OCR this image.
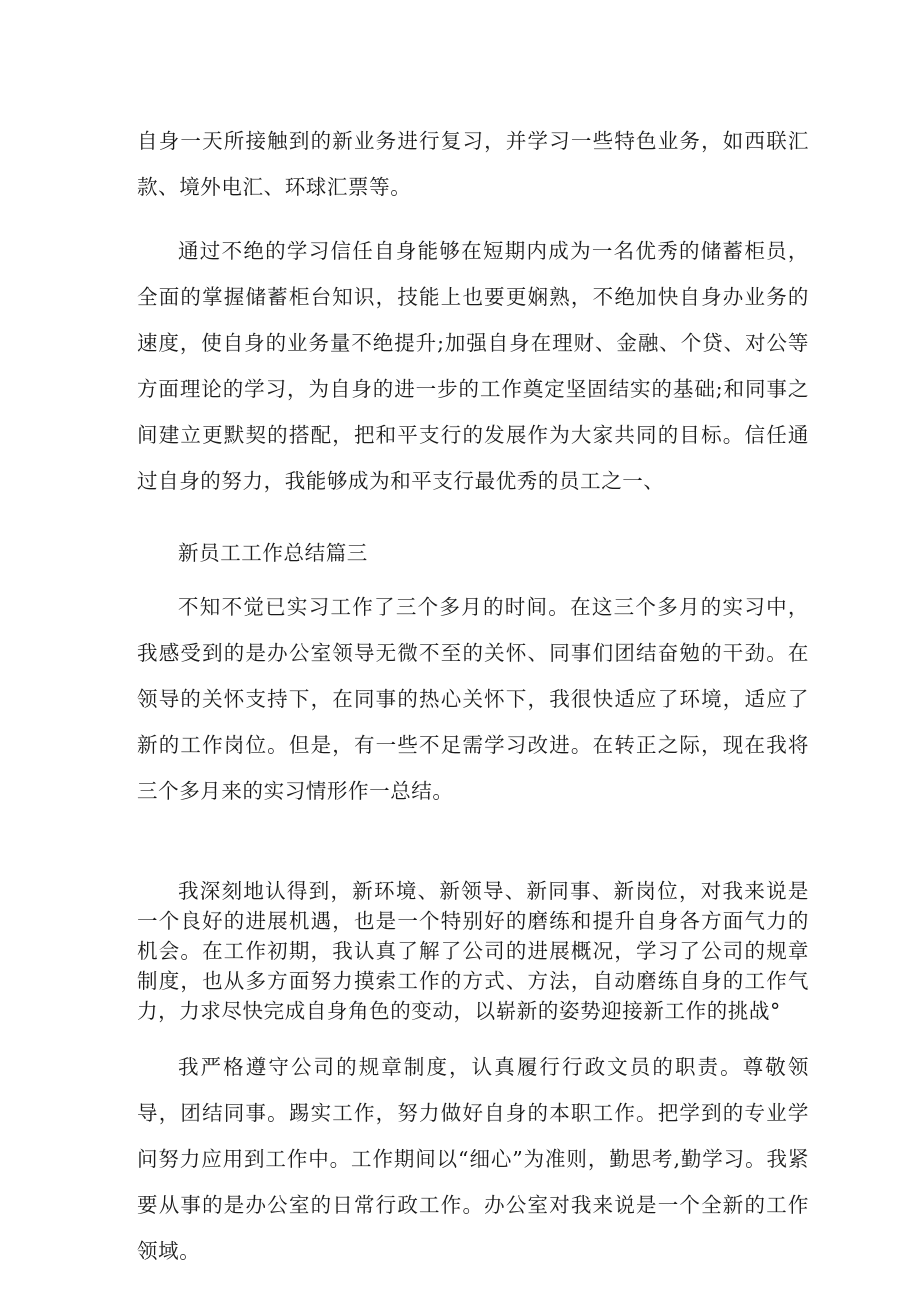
自身一天所接触到的新业务进行复习，并学习一些特色业务，如西联汇款、境外电汇、环球汇票等。

通过不绝的学习信任自身能够在短期内成为一名优秀的储蓄柜员，全面的掌握储蓄柜台知识，技能上也要更娴熟，不绝加快自身办业务的速度，使自身的业务量不绝提升;加强自身在理财、金融、个贷、对公等方面理论的学习，为自身的进一步的工作奠定坚固结实的基础;和同事之间建立更默契的搭配，把和平支行的发展作为大家共同的目标。信任通过自身的努力，我能够成为和平支行最优秀的员工之一、

新员工工作总结篇三

不知不觉已实习工作了三个多月的时间。在这三个多月的实习中，我感受到的是办公室领导无微不至的关怀、同事们团结奋勉的干劲。在领导的关怀支持下，在同事的热心关怀下，我很快适应了环境，适应了新的工作岗位。但是，有一些不足需学习改进。在转正之际，现在我将三个多月来的实习情形作一总结。

我深刻地认得到，新环境、新领导、新同事、新岗位，对我来说是一个良好的进展机遇，也是一个特别好的磨练和提升自身各方面气力的机会。在工作初期，我认真了解了公司的进展概况，学习了公司的规章制度，也从多方面努力摸索工作的方式、方法，自动磨练自身的工作气力，力求尽快完成自身角色的变动，以崭新的姿势迎接新工作的挑战°

我严格遵守公司的规章制度，认真履行行政文员的职责。尊敬领导，团结同事。踢实工作，努力做好自身的本职工作。把学到的专业学问努力应用到工作中。工作期间以“细心”为准则，勤思考,勤学习。我紧要从事的是办公室的日常行政工作。办公室对我来说是一个全新的工作领域。
